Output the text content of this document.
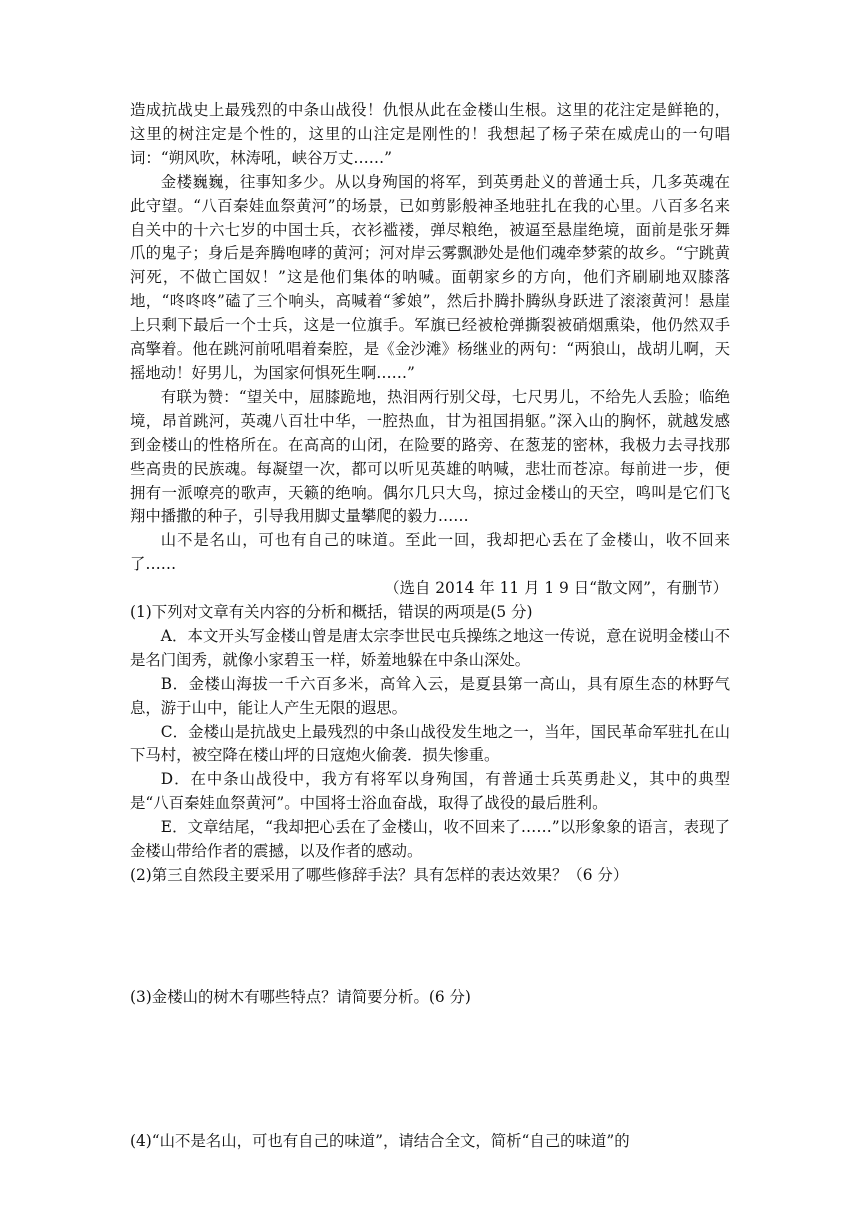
造成抗战史上最残烈的中条山战役！仇恨从此在金楼山生根。这里的花注定是鲜艳的，这里的树注定是个性的，这里的山注定是刚性的！我想起了杨子荣在威虎山的一句唱词：“朔风吹，林涛吼，峡谷万丈……”

金楼巍巍，往事知多少。从以身殉国的将军，到英勇赴义的普通士兵，几多英魂在此守望。“八百秦娃血祭黄河”的场景，已如剪影般神圣地驻扎在我的心里。八百多名来自关中的十六七岁的中国士兵，衣衫褴褛，弹尽粮绝，被逼至悬崖绝境，面前是张牙舞爪的鬼子；身后是奔腾咆哮的黄河；河对岸云雾飘渺处是他们魂牵梦萦的故乡。“宁跳黄河死，不做亡国奴！”这是他们集体的呐喊。面朝家乡的方向，他们齐刷刷地双膝落地，“咚咚咚”磕了三个响头，高喊着“爹娘”，然后扑腾扑腾纵身跃进了滚滚黄河！悬崖上只剩下最后一个士兵，这是一位旗手。军旗已经被枪弹撕裂被硝烟熏染，他仍然双手高擎着。他在跳河前吼唱着秦腔，是《金沙滩》杨继业的两句：“两狼山，战胡儿啊，天摇地动！好男儿，为国家何惧死生啊……”

有联为赞：“望关中，屈膝跪地，热泪两行别父母，七尺男儿，不给先人丢脸；临绝境，昂首跳河，英魂八百壮中华，一腔热血，甘为祖国捐躯。”深入山的胸怀，就越发感到金楼山的性格所在。在高高的山闭，在险要的路旁、在葱茏的密林，我极力去寻找那些高贵的民族魂。每凝望一次，都可以听见英雄的呐喊，悲壮而苍凉。每前进一步，便拥有一派嘹亮的歌声，天籁的绝响。偶尔几只大鸟，掠过金楼山的天空，鸣叫是它们飞翔中播撒的种子，引导我用脚丈量攀爬的毅力……

山不是名山，可也有自己的味道。至此一回，我却把心丢在了金楼山，收不回来了……

（选自 2014 年 11 月 1 9 日“散文网”，有删节）

(1)下列对文章有关内容的分析和概括，错误的两项是(5 分)

A．本文开头写金楼山曾是唐太宗李世民屯兵操练之地这一传说，意在说明金楼山不是名门闺秀，就像小家碧玉一样，娇羞地躲在中条山深处。

B．金楼山海拔一千六百多米，高耸入云，是夏县第一高山，具有原生态的林野气息，游于山中，能让人产生无限的遐思。

C．金楼山是抗战史上最残烈的中条山战役发生地之一，当年，国民革命军驻扎在山下马村，被空降在楼山坪的日寇炮火偷袭．损失惨重。

D．在中条山战役中，我方有将军以身殉国，有普通士兵英勇赴义，其中的典型是“八百秦娃血祭黄河”。中国将士浴血奋战，取得了战役的最后胜利。

E．文章结尾，“我却把心丢在了金楼山，收不回来了……”以形象象的语言，表现了金楼山带给作者的震撼，以及作者的感动。

(2)第三自然段主要采用了哪些修辞手法？具有怎样的表达效果？（6 分）

(3)金楼山的树木有哪些特点？请简要分析。(6 分)

(4)“山不是名山，可也有自己的味道”，请结合全文，简析“自己的味道”的
